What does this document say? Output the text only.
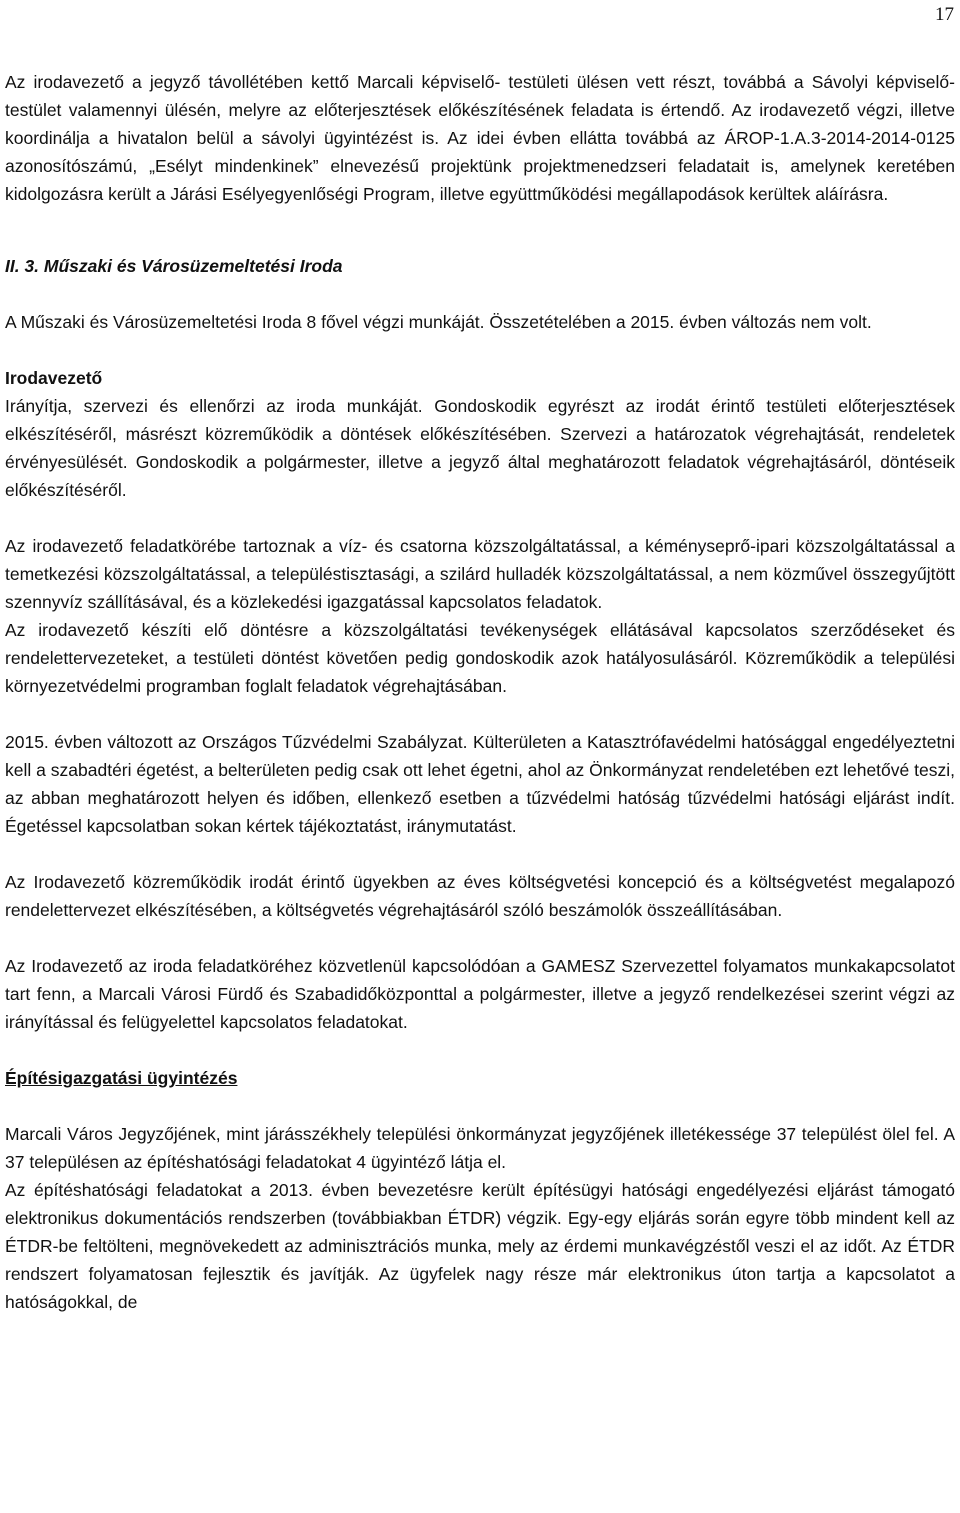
17

Az irodavezető a jegyző távollétében kettő Marcali képviselő- testületi ülésen vett részt, továbbá a Sávolyi képviselő- testület valamennyi ülésén, melyre az előterjesztések előkészítésének feladata is értendő. Az irodavezető végzi, illetve koordinálja a hivatalon belül a sávolyi ügyintézést is. Az idei évben ellátta továbbá az ÁROP-1.A.3-2014-2014-0125 azonosítószámú, „Esélyt mindenkinek” elnevezésű projektünk projektmenedzseri feladatait is, amelynek keretében kidolgozásra került a Járási Esélyegyenlőségi Program, illetve együttműködési megállapodások kerültek aláírásra.

II. 3. Műszaki és Városüzemeltetési Iroda

A Műszaki és Városüzemeltetési Iroda 8 fővel végzi munkáját. Összetételében a 2015. évben változás nem volt.

Irodavezető

Irányítja, szervezi és ellenőrzi az iroda munkáját. Gondoskodik egyrészt az irodát érintő testületi előterjesztések elkészítéséről, másrészt közreműködik a döntések előkészítésében. Szervezi a határozatok végrehajtását, rendeletek érvényesülését. Gondoskodik a polgármester, illetve a jegyző által meghatározott feladatok végrehajtásáról, döntéseik előkészítéséről.

Az irodavezető feladatkörébe tartoznak a víz- és csatorna közszolgáltatással, a kéményseprő-ipari közszolgáltatással a temetkezési közszolgáltatással, a településtisztasági, a szilárd hulladék közszolgáltatással, a nem közművel összegyűjtött szennyvíz szállításával, és a közlekedési igazgatással kapcsolatos feladatok.

Az irodavezető készíti elő döntésre a közszolgáltatási tevékenységek ellátásával kapcsolatos szerződéseket és rendelettervezeteket, a testületi döntést követően pedig gondoskodik azok hatályosulásáról. Közreműködik a települési környezetvédelmi programban foglalt feladatok végrehajtásában.

2015. évben változott az Országos Tűzvédelmi Szabályzat. Külterületen a Katasztrófavédelmi hatósággal engedélyeztetni kell a szabadtéri égetést, a belterületen pedig csak ott lehet égetni, ahol az Önkormányzat rendeletében ezt lehetővé teszi, az abban meghatározott helyen és időben, ellenkező esetben a tűzvédelmi hatóság tűzvédelmi hatósági eljárást indít. Égetéssel kapcsolatban sokan kértek tájékoztatást, iránymutatást.

Az Irodavezető közreműködik irodát érintő ügyekben az éves költségvetési koncepció és a költségvetést megalapozó rendelettervezet elkészítésében, a költségvetés végrehajtásáról szóló beszámolók összeállításában.

Az Irodavezető az iroda feladatköréhez közvetlenül kapcsolódóan a GAMESZ Szervezettel folyamatos munkakapcsolatot tart fenn, a Marcali Városi Fürdő és Szabadidőközponttal a polgármester, illetve a jegyző rendelkezései szerint végzi az irányítással és felügyelettel kapcsolatos feladatokat.

Építésigazgatási ügyintézés

Marcali Város Jegyzőjének, mint járásszékhely települési önkormányzat jegyzőjének illetékessége 37 települést ölel fel. A 37 településen az építéshatósági feladatokat 4 ügyintéző látja el.

Az építéshatósági feladatokat a 2013. évben bevezetésre került építésügyi hatósági engedélyezési eljárást támogató elektronikus dokumentációs rendszerben (továbbiakban ÉTDR) végzik. Egy-egy eljárás során egyre több mindent kell az ÉTDR-be feltölteni, megnövekedett az adminisztrációs munka, mely az érdemi munkavégzéstől veszi el az időt. Az ÉTDR rendszert folyamatosan fejlesztik és javítják. Az ügyfelek nagy része már elektronikus úton tartja a kapcsolatot a hatóságokkal, de
